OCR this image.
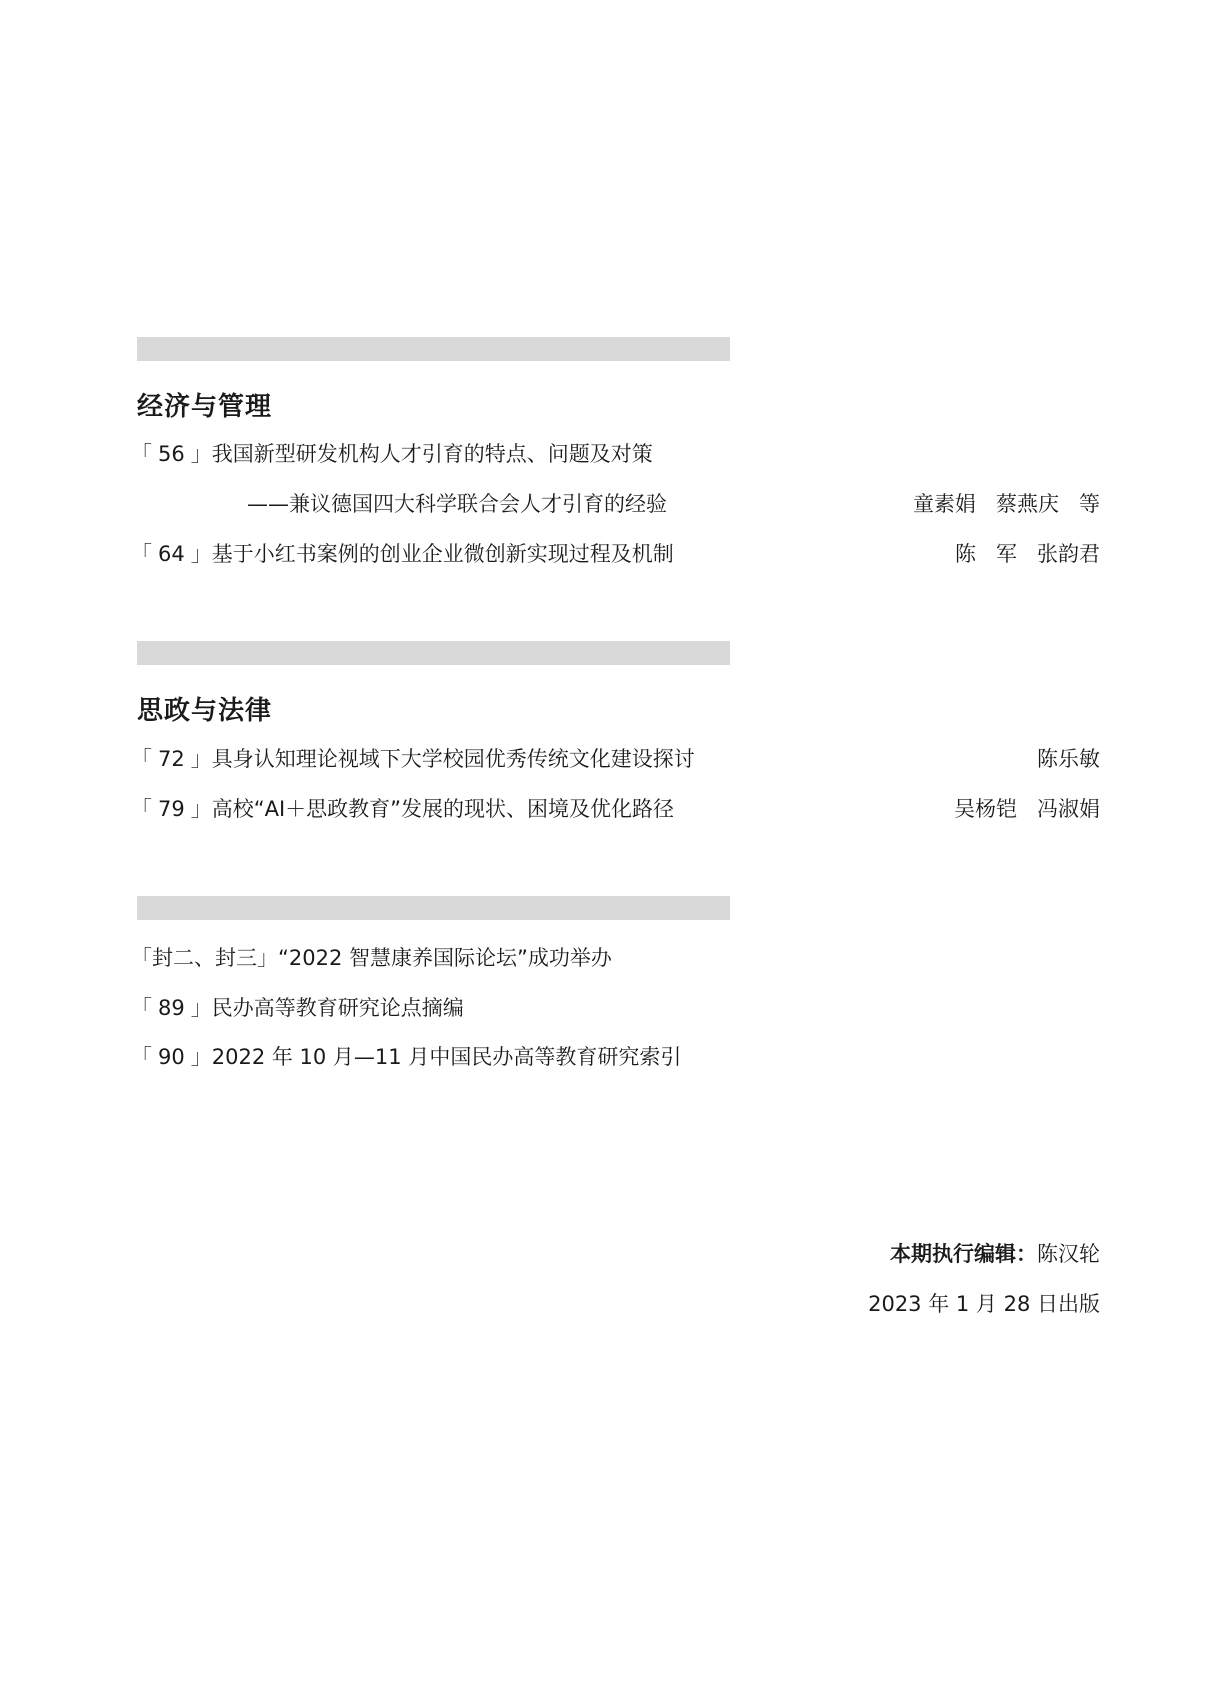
经济与管理
「 56 」我国新型研发机构人才引育的特点、问题及对策
——兼议德国四大科学联合会人才引育的经验	童素娟   蔡燕庆   等
「 64 」基于小红书案例的创业企业微创新实现过程及机制	陈   军   张韵君
思政与法律
「 72 」具身认知理论视域下大学校园优秀传统文化建设探讨	陈乐敏
「 79 」高校“AI＋思政教育”发展的现状、困境及优化路径	吴杨铠   冯淑娟
「封二、封三」“2022 智慧康养国际论坛”成功举办
「 89 」民办高等教育研究论点摘编
「 90 」2022 年 10 月—11 月中国民办高等教育研究索引
本期执行编辑：陈汉轮
2023 年 1 月 28 日出版
